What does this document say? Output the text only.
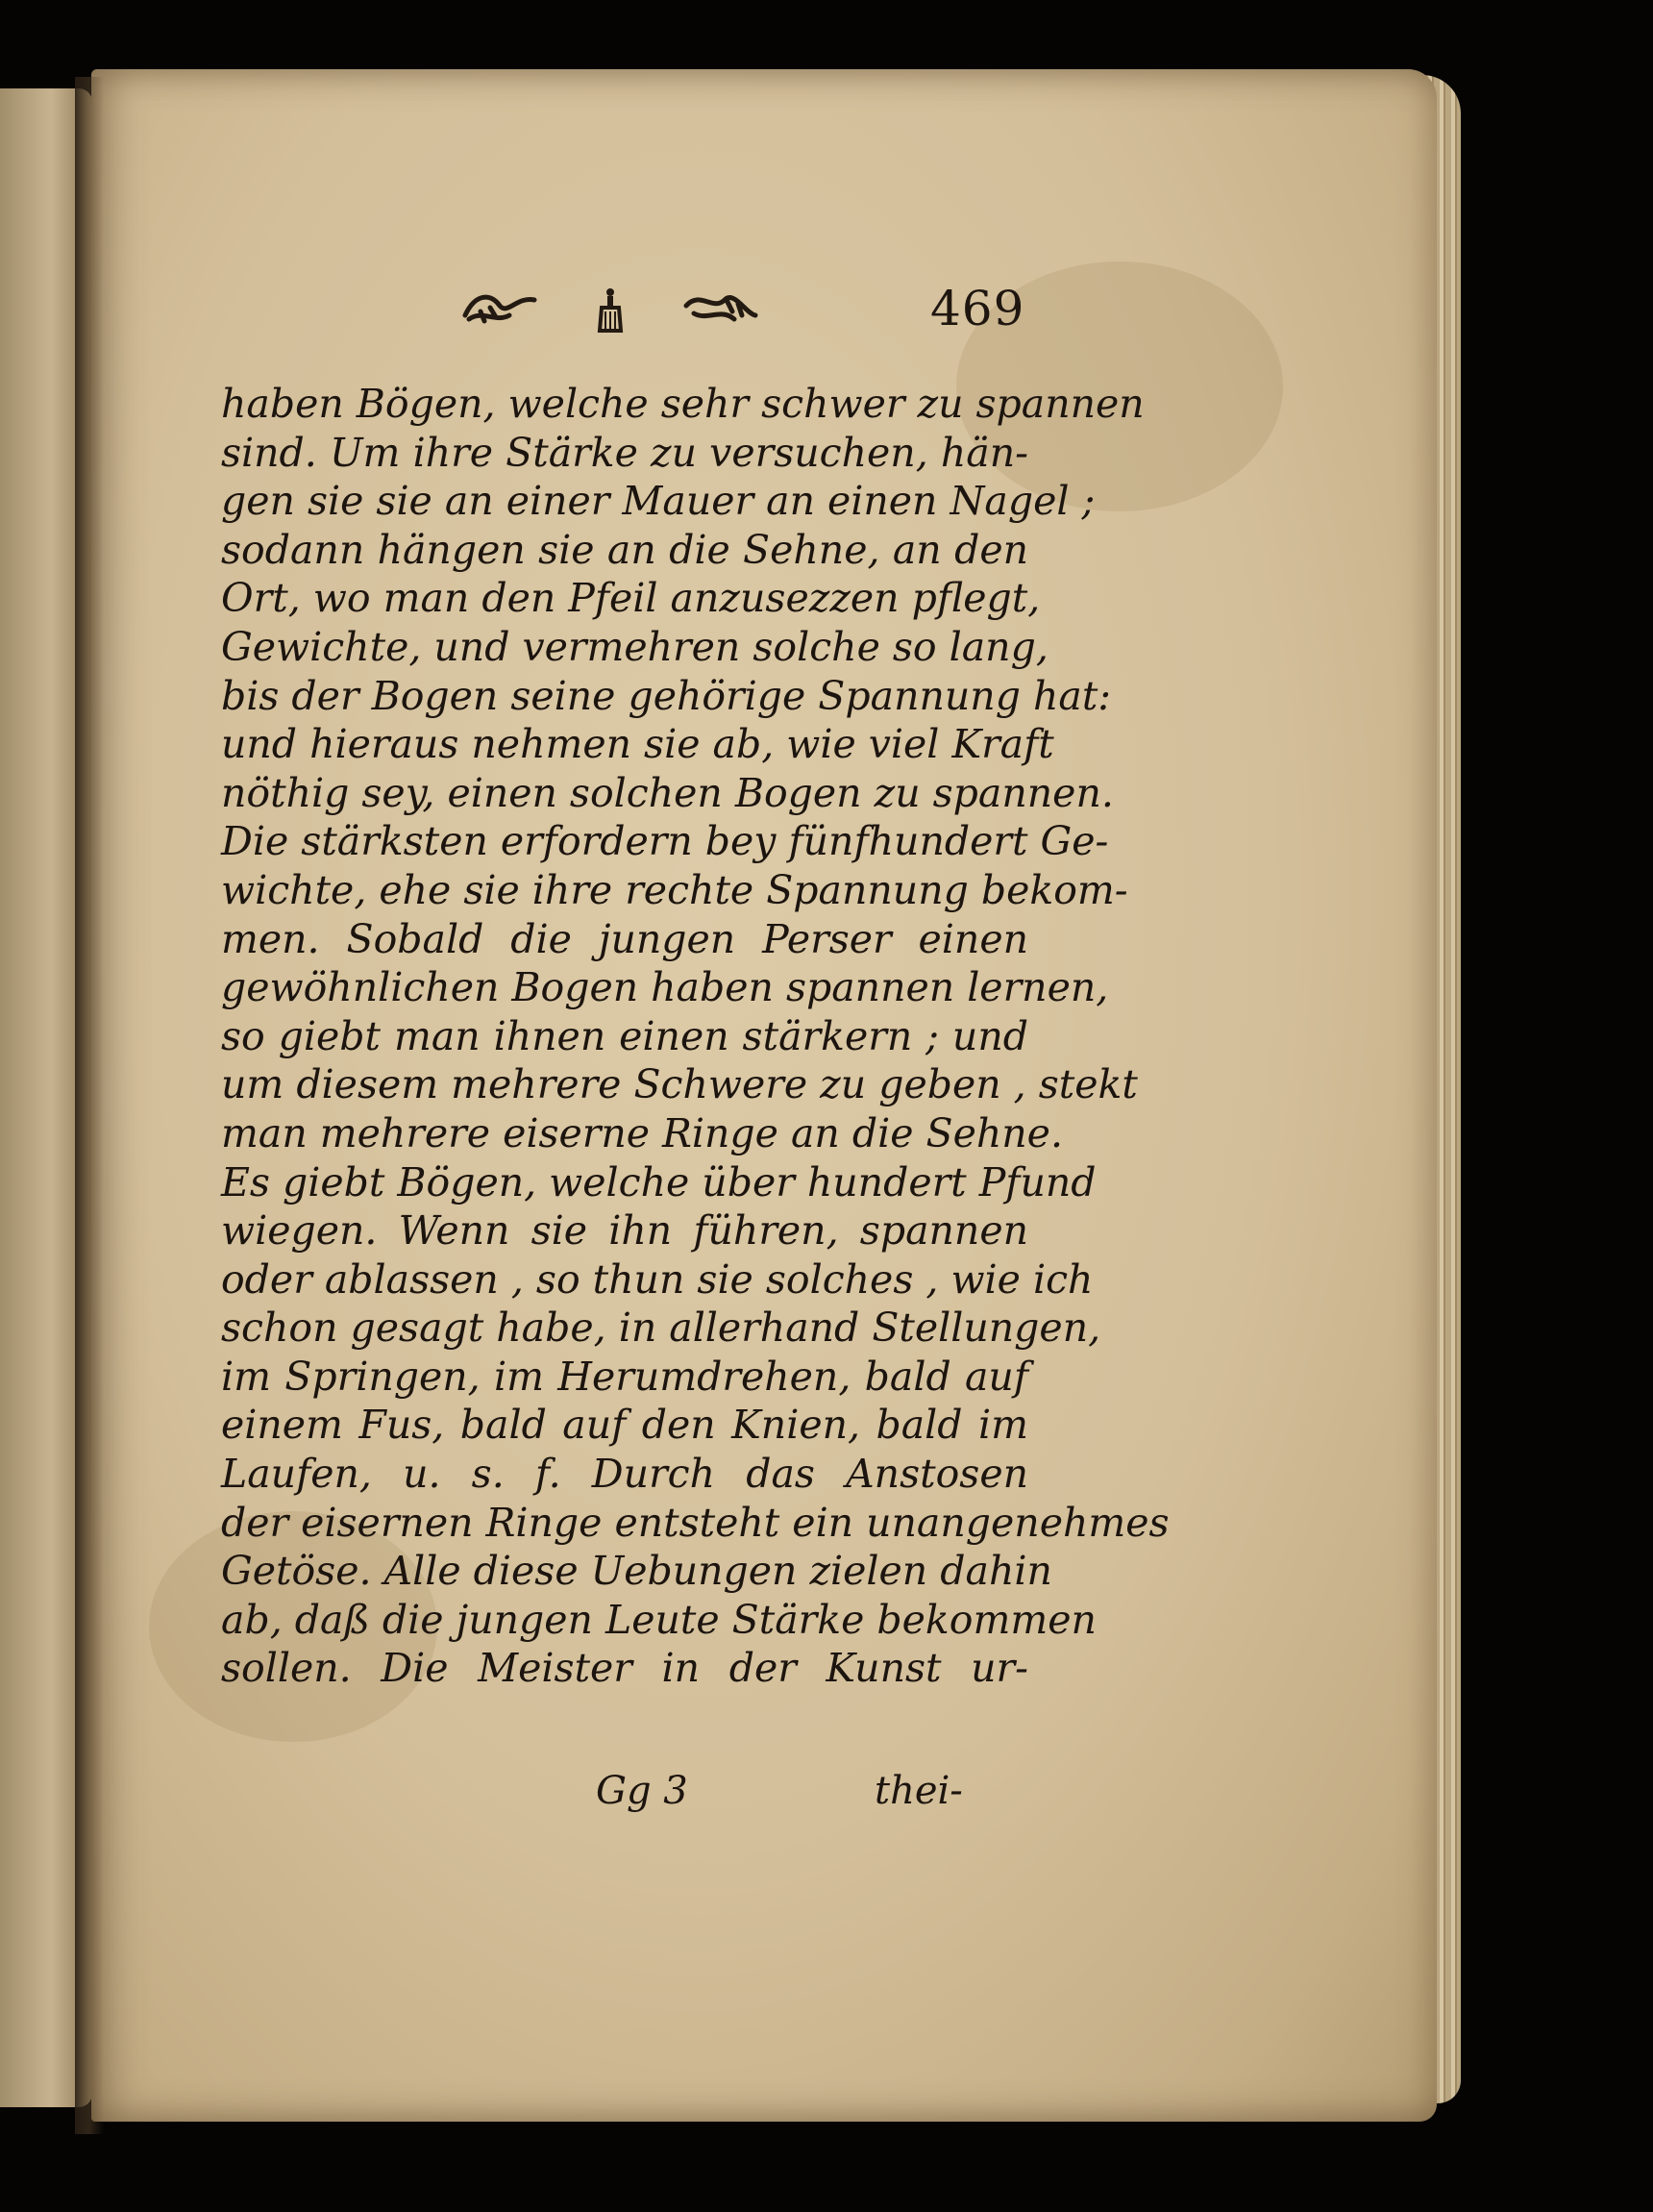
469
haben Bögen, welche sehr schwer zu spannen
sind. Um ihre Stärke zu versuchen, hän-
gen sie sie an einer Mauer an einen Nagel ;
sodann hängen sie an die Sehne, an den
Ort, wo man den Pfeil anzusezzen pflegt,
Gewichte, und vermehren solche so lang,
bis der Bogen seine gehörige Spannung hat:
und hieraus nehmen sie ab, wie viel Kraft
nöthig sey, einen solchen Bogen zu spannen.
Die stärksten erfordern bey fünfhundert Ge-
wichte, ehe sie ihre rechte Spannung bekom-
men. Sobald die jungen Perser einen
gewöhnlichen Bogen haben spannen lernen,
so giebt man ihnen einen stärkern ; und
um diesem mehrere Schwere zu geben , stekt
man mehrere eiserne Ringe an die Sehne.
Es giebt Bögen, welche über hundert Pfund
wiegen. Wenn sie ihn führen, spannen
oder ablassen , so thun sie solches , wie ich
schon gesagt habe, in allerhand Stellungen,
im Springen, im Herumdrehen, bald auf
einem Fus, bald auf den Knien, bald im
Laufen, u. s. f. Durch das Anstosen
der eisernen Ringe entsteht ein unangenehmes
Getöse. Alle diese Uebungen zielen dahin
ab, daß die jungen Leute Stärke bekommen
sollen. Die Meister in der Kunst ur-
Gg 3	thei-
